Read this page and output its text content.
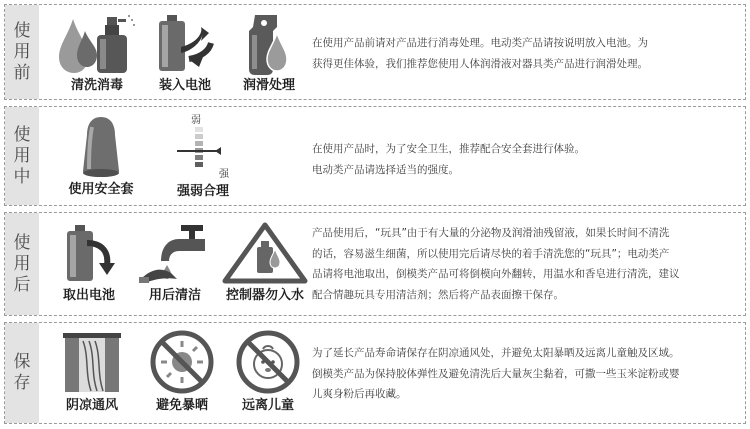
使
用
前
清洗消毒	装入电池	润滑处理

在使用产品前请对产品进行消毒处理。电动类产品请按说明放入电池。为

获得更佳体验，我们推荐您使用人体润滑液对器具类产品进行润滑处理。

使
用
中
使用安全套
弱
强
强弱合理

在使用产品时，为了安全卫生，推荐配合安全套进行体验。

电动类产品请选择适当的强度。

使
用
后
取出电池	用后清洁	控制器勿入水

产品使用后，“玩具”由于有大量的分泌物及润滑油残留液，如果长时间不清洗

的话，容易滋生细菌，所以使用完后请尽快的着手清洗您的“玩具”；电动类产

品请将电池取出，倒模类产品可将倒模向外翻转，用温水和香皂进行清洗，建议

配合情趣玩具专用清洁剂；然后将产品表面擦干保存。

保
存
阴凉通风	避免暴晒	远离儿童

为了延长产品寿命请保存在阴凉通风处，并避免太阳暴晒及远离儿童触及区域。

倒模类产品为保持胶体弹性及避免清洗后大量灰尘黏着，可撒一些玉米淀粉或婴

儿爽身粉后再收藏。
